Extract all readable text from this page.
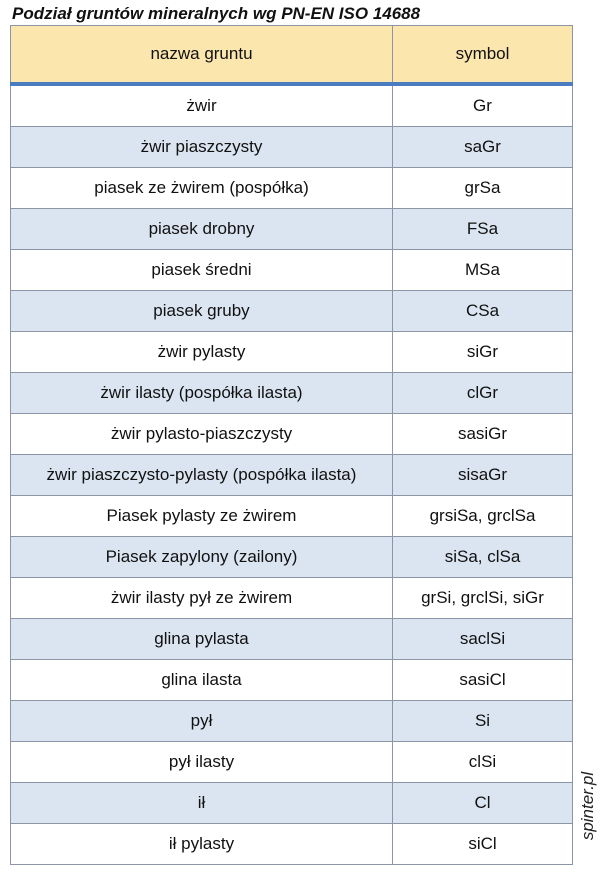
Podział gruntów mineralnych wg PN-EN ISO 14688
nazwa gruntu	symbol
żwir	Gr
żwir piaszczysty	saGr
piasek ze żwirem (pospółka)	grSa
piasek drobny	FSa
piasek średni	MSa
piasek gruby	CSa
żwir pylasty	siGr
żwir ilasty (pospółka ilasta)	clGr
żwir pylasto-piaszczysty	sasiGr
żwir piaszczysto-pylasty (pospółka ilasta)	sisaGr
Piasek pylasty ze żwirem	grsiSa, grclSa
Piasek zapylony (zailony)	siSa, clSa
żwir ilasty pył ze żwirem	grSi, grclSi, siGr
glina pylasta	saclSi
glina ilasta	sasiCl
pył	Si
pył ilasty	clSi
ił	Cl
ił pylasty	siCl
spinter.pl
